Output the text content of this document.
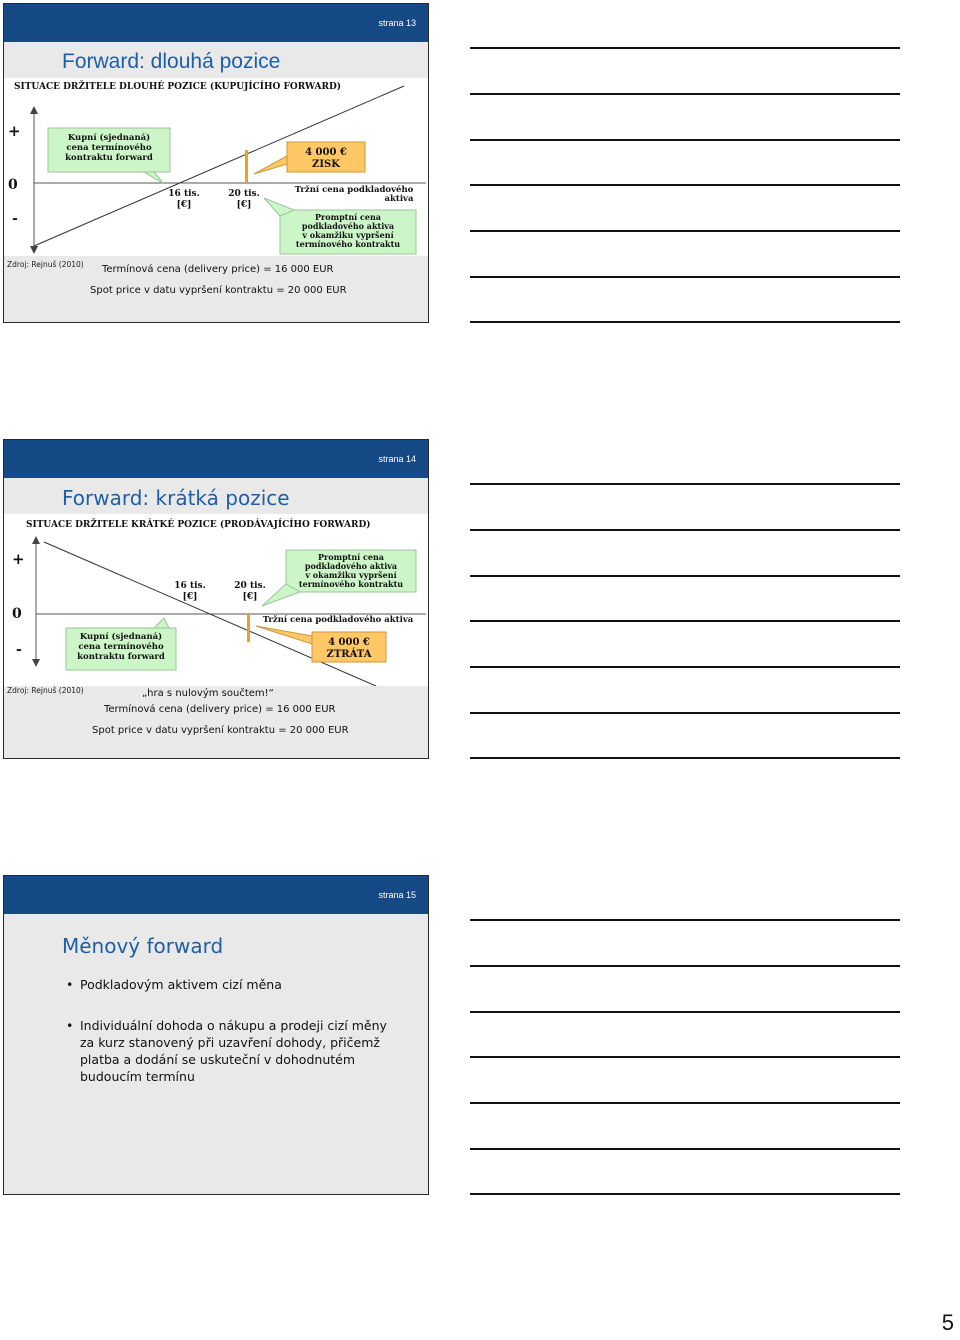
strana 13
Forward: dlouhá pozice
SITUACE DRŽITELE DLOUHÉ POZICE (KUPUJÍCÍHO FORWARD)
+
0
-
Kupní (sjednaná)
cena termínového
kontraktu forward
16 tis.
[€]
20 tis.
[€]
4 000 €
ZISK
Tržní cena podkladového
aktiva
Promptní cena
podkladového aktiva
v okamžiku vypršení
termínového kontraktu
Zdroj: Rejnuš (2010) Termínová cena (delivery price) = 16 000 EUR
Spot price v datu vypršení kontraktu = 20 000 EUR
strana 14
Forward: krátká pozice
SITUACE DRŽITELE KRÁTKÉ POZICE (PRODÁVAJÍCÍHO FORWARD)
+
0
-
Promptní cena
podkladového aktiva
v okamžiku vypršení
termínového kontraktu
16 tis.
[€]
20 tis.
[€]
Tržní cena podkladového aktiva
Kupní (sjednaná)
cena termínového
kontraktu forward
4 000 €
ZTRÁTA
Zdroj: Rejnuš (2010)	„hra s nulovým součtem!“
Termínová cena (delivery price) = 16 000 EUR
Spot price v datu vypršení kontraktu = 20 000 EUR
strana 15
Měnový forward
• Podkladovým aktivem cizí měna
• Individuální dohoda o nákupu a prodeji cizí měny za kurz stanovený při uzavření dohody, přičemž platba a dodání se uskuteční v dohodnutém budoucím termínu
5
